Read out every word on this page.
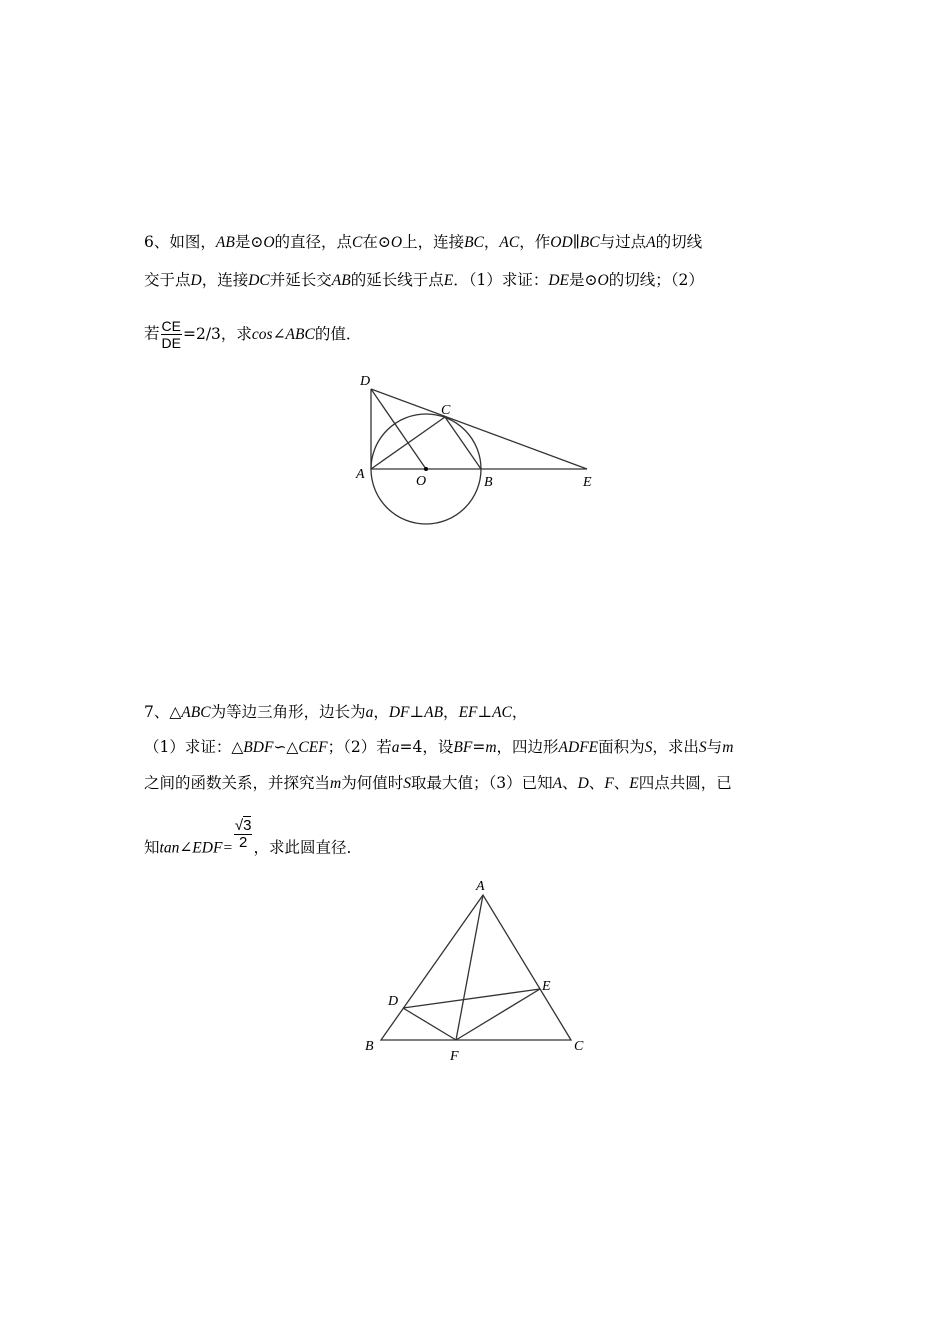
6、如图，AB是⊙O的直径，点C在⊙O上，连接BC，AC，作OD∥BC与过点A的切线
交于点D，连接DC并延长交AB的延长线于点E．（1）求证：DE是⊙O的切线；（2）
若 $\frac{CE}{DE} =2/3$，求cos∠ABC的值．
D
C
A	O	B	E
7、△ABC为等边三角形，边长为a，DF⊥AB，EF⊥AC，
（1）求证：△BDF∽△CEF；（2）若a=4，设BF=m，四边形ADFE面积为S，求出S与m
之间的函数关系，并探究当m为何值时S取最大值；（3）已知A、D、F、E四点共圆，已
知tan∠EDF= $\frac{√3}{2}$ ，求此圆直径．
A
D
E
B
F
C
